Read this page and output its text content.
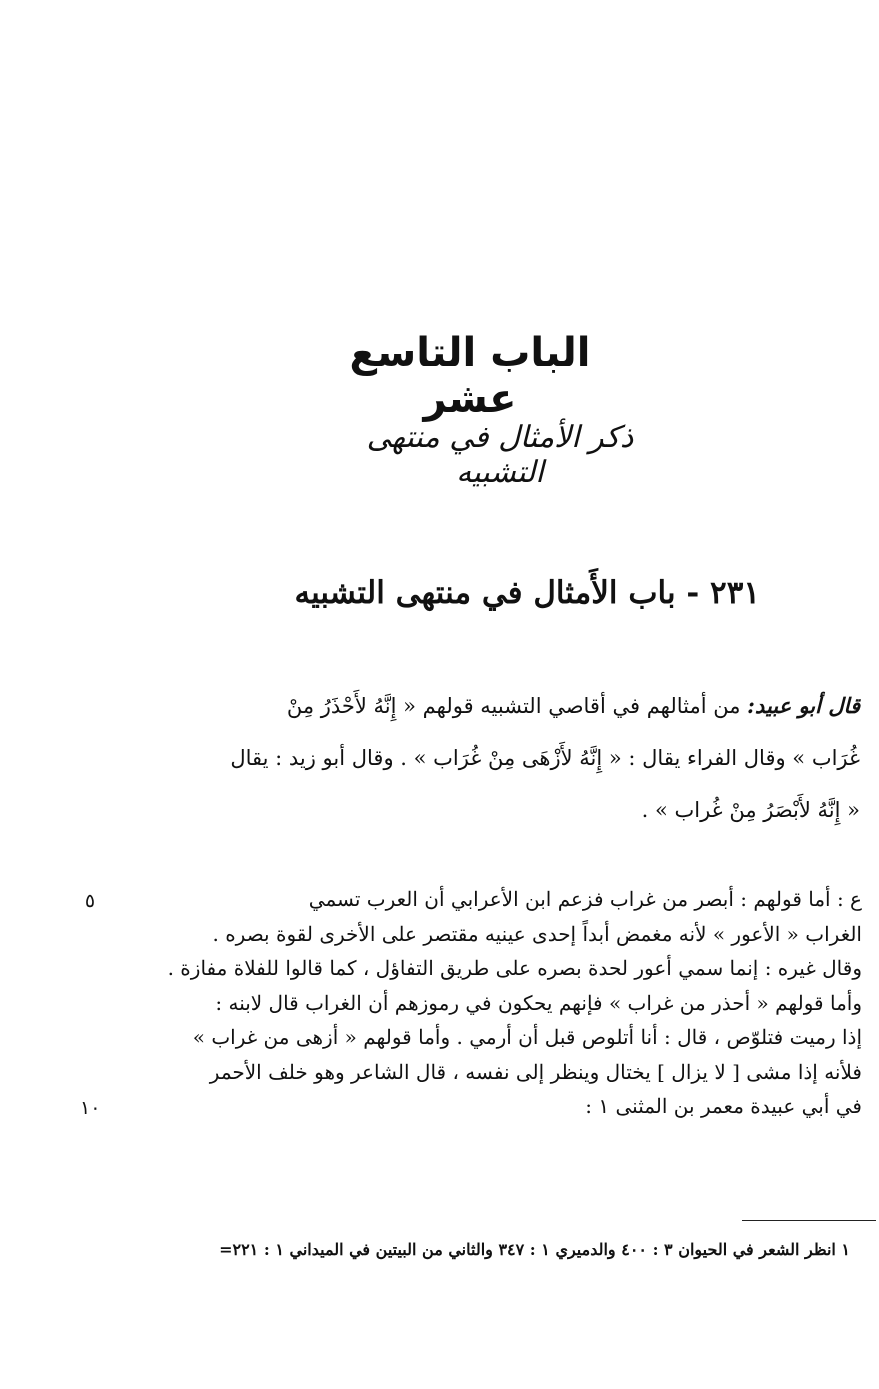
الباب التاسع عشر
ذكر الأمثال في منتهى التشبيه
٢٣١ - باب الأَمثال في منتهى التشبيه
قال أبو عبيد: من أمثالهم في أقاصي التشبيه قولهم « إِنَّهُ لأَحْذَرُ مِنْ
غُرَاب » وقال الفراء يقال : « إِنَّهُ لأَزْهَى مِنْ غُرَاب » . وقال أبو زيد : يقال
« إِنَّهُ لأَبْصَرُ مِنْ غُراب » .
ع : أما قولهم : أبصر من غراب فزعم ابن الأعرابي أن العرب تسمي
الغراب « الأعور » لأنه مغمض أبداً إحدى عينيه مقتصر على الأخرى لقوة بصره .
وقال غيره : إنما سمي أعور لحدة بصره على طريق التفاؤل ، كما قالوا للفلاة مفازة .
وأما قولهم « أحذر من غراب » فإنهم يحكون في رموزهم أن الغراب قال لابنه :
إذا رميت فتلوّص ، قال : أنا أتلوص قبل أن أرمي . وأما قولهم « أزهى من غراب »
فلأنه إذا مشى [ لا يزال ] يختال وينظر إلى نفسه ، قال الشاعر وهو خلف الأحمر
في أبي عبيدة معمر بن المثنى ١ :
٥
١٠
١ انظر الشعر في الحيوان ٣ : ٤٠٠ والدميري ١ : ٣٤٧ والثاني من البيتين في الميداني ١ : ٢٢١=
